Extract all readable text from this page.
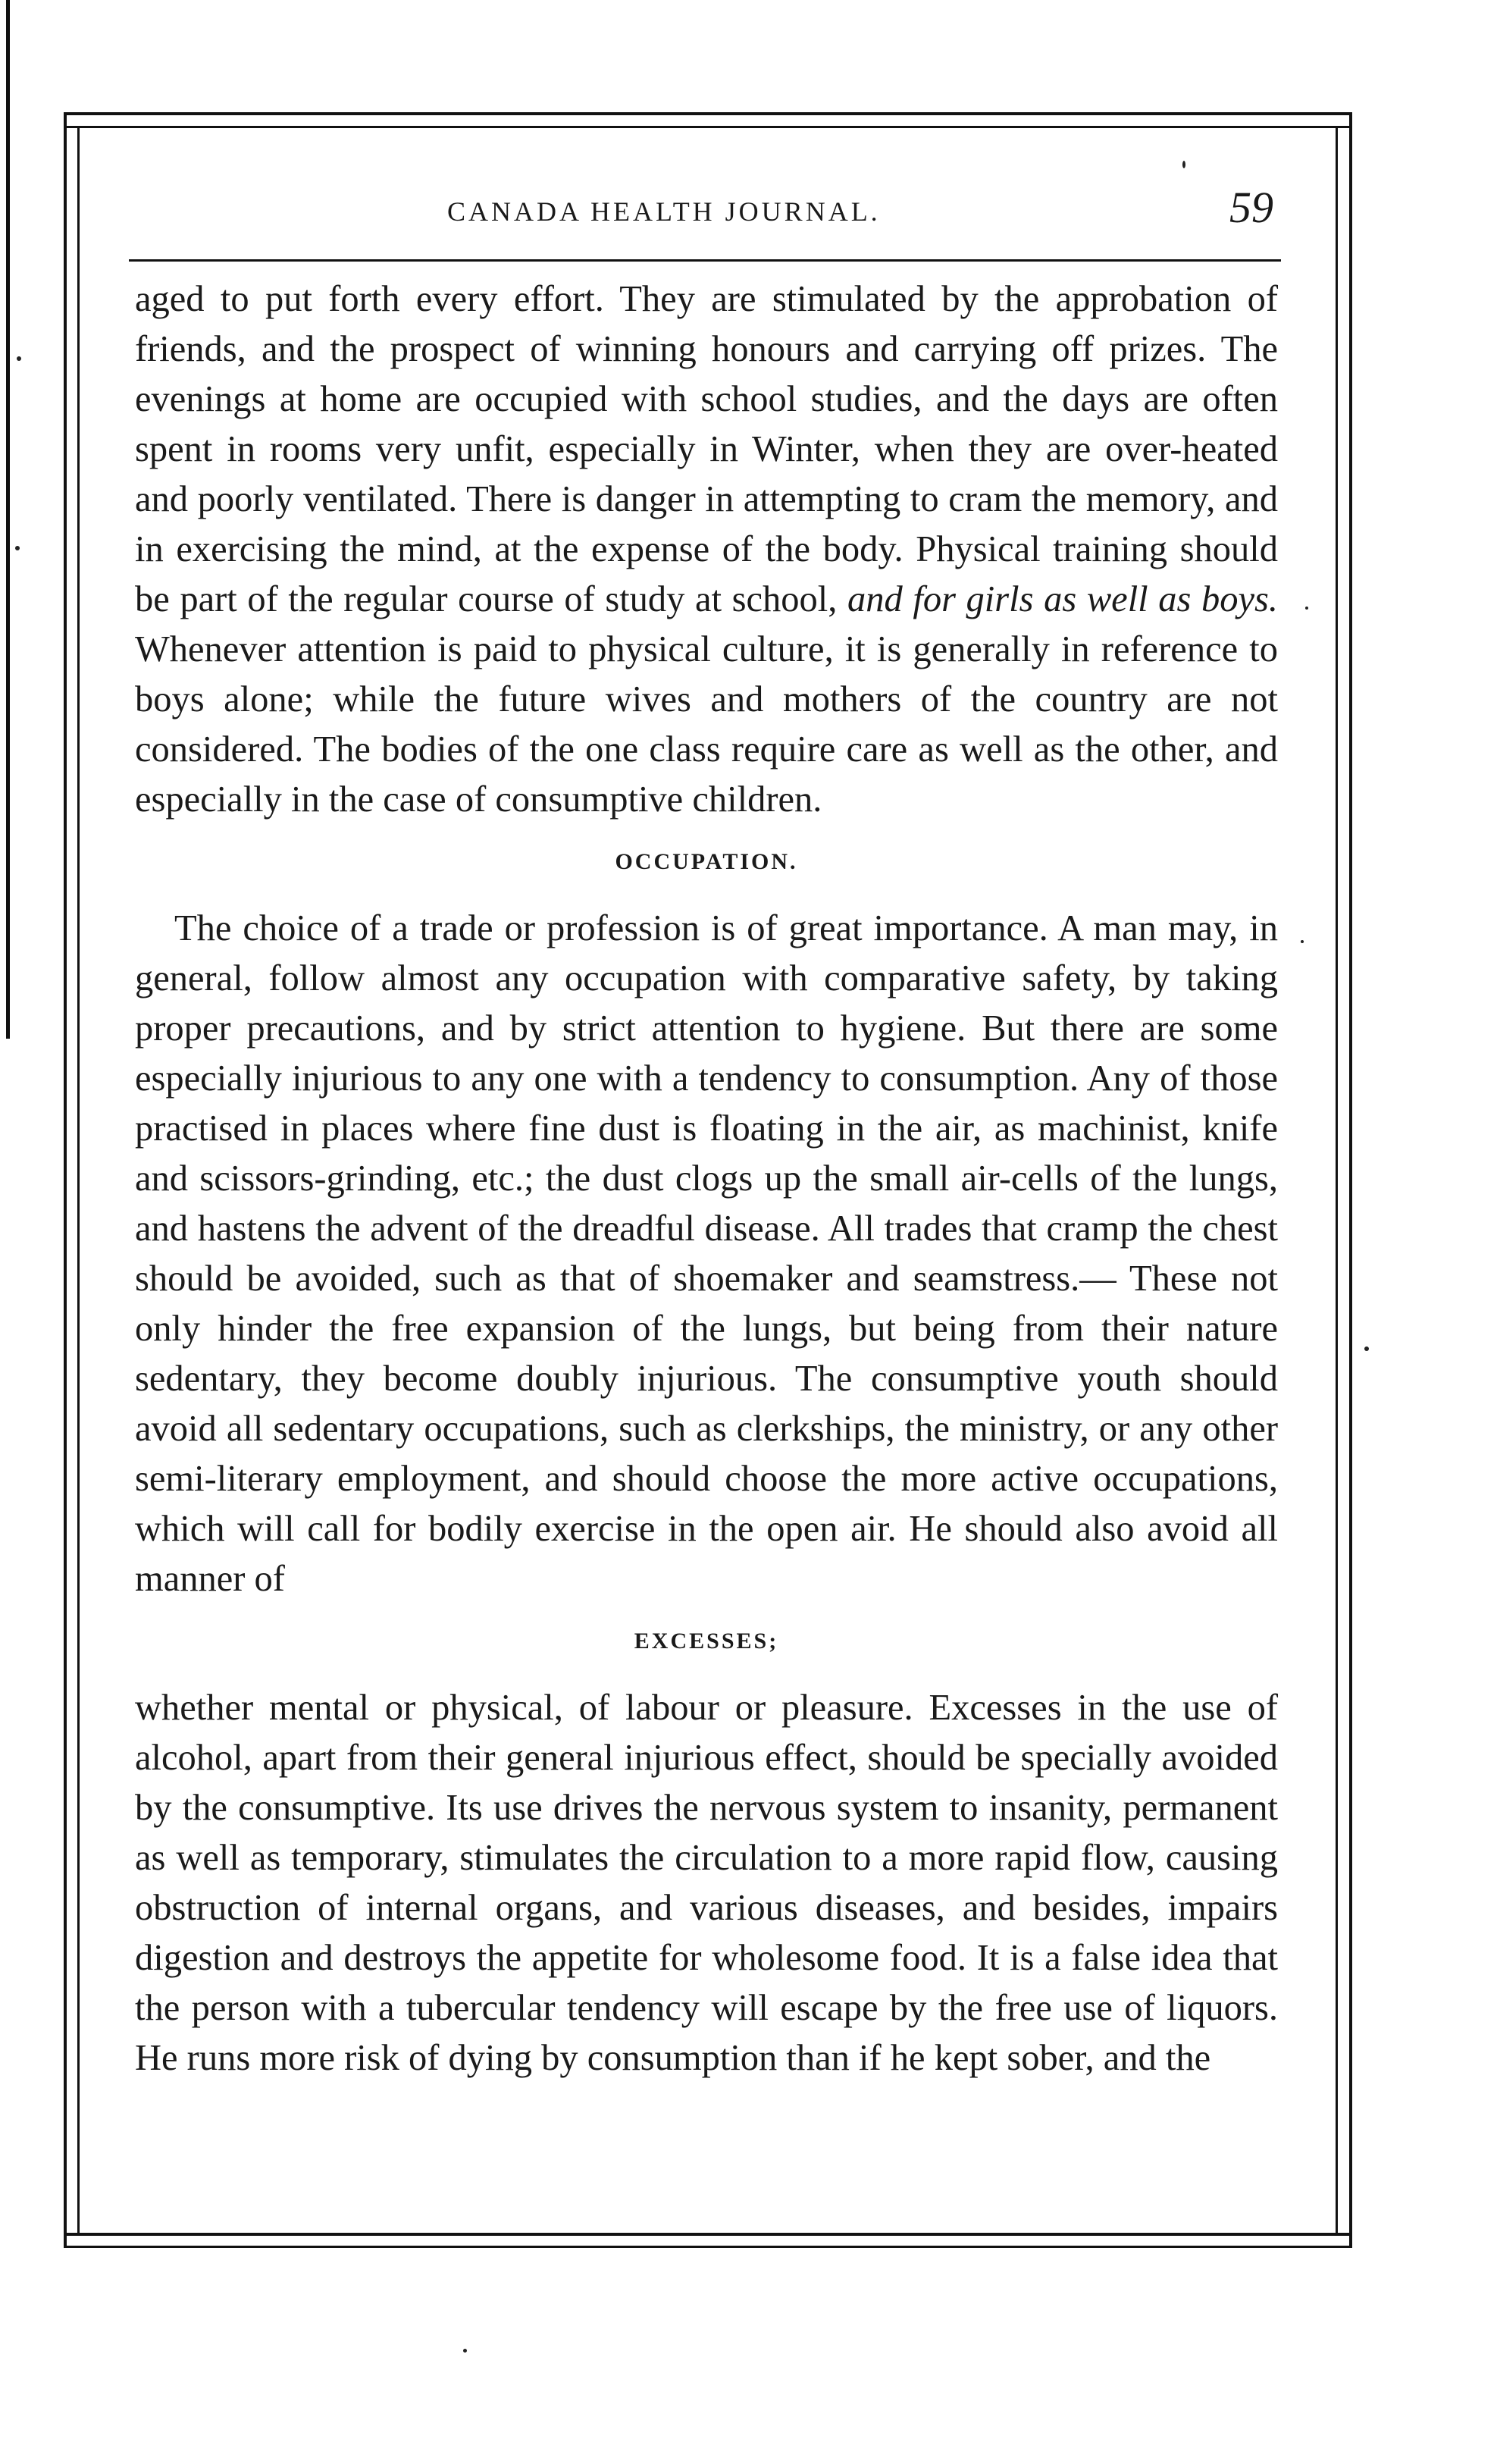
CANADA HEALTH JOURNAL.	59

aged to put forth every effort. They are stimulated by the approbation of friends, and the prospect of winning honours and carrying off prizes. The evenings at home are occupied with school studies, and the days are often spent in rooms very unfit, especially in Winter, when they are over-heated and poorly ventilated. There is danger in attempting to cram the memory, and in exercising the mind, at the expense of the body. Physical training should be part of the regular course of study at school, and for girls as well as boys. Whenever attention is paid to physical culture, it is generally in reference to boys alone; while the future wives and mothers of the country are not considered. The bodies of the one class require care as well as the other, and especially in the case of consumptive children.

OCCUPATION.

The choice of a trade or profession is of great importance. A man may, in general, follow almost any occupation with comparative safety, by taking proper precautions, and by strict attention to hygiene. But there are some especially injurious to any one with a tendency to consumption. Any of those practised in places where fine dust is floating in the air, as machinist, knife and scissors-grinding, etc.; the dust clogs up the small air-cells of the lungs, and hastens the advent of the dreadful disease. All trades that cramp the chest should be avoided, such as that of shoemaker and seamstress.— These not only hinder the free expansion of the lungs, but being from their nature sedentary, they become doubly injurious. The consumptive youth should avoid all sedentary occupations, such as clerkships, the ministry, or any other semi-literary employment, and should choose the more active occupations, which will call for bodily exercise in the open air. He should also avoid all manner of

EXCESSES;

whether mental or physical, of labour or pleasure. Excesses in the use of alcohol, apart from their general injurious effect, should be specially avoided by the consumptive. Its use drives the nervous system to insanity, permanent as well as temporary, stimulates the circulation to a more rapid flow, causing obstruction of internal organs, and various diseases, and besides, impairs digestion and destroys the appetite for wholesome food. It is a false idea that the person with a tubercular tendency will escape by the free use of liquors. He runs more risk of dying by consumption than if he kept sober, and the
